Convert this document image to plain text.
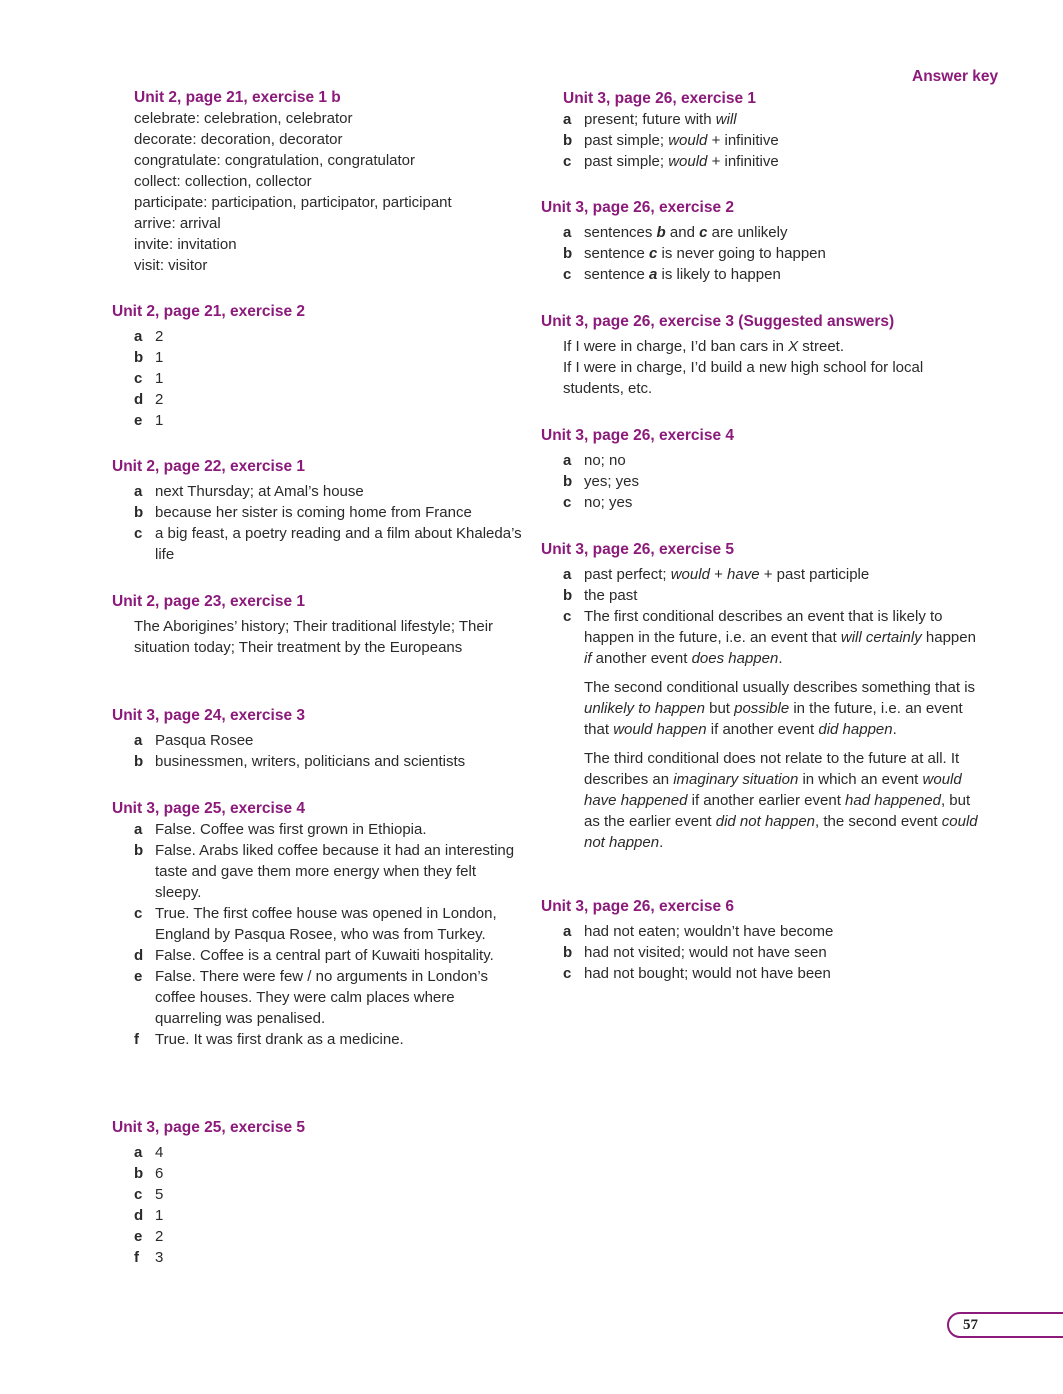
Answer key
57
Unit 2, page 21, exercise 1 b
celebrate: celebration, celebrator
decorate: decoration, decorator
congratulate: congratulation, congratulator
collect: collection, collector
participate: participation, participator, participant
arrive: arrival
invite: invitation
visit: visitor
Unit 2, page 21, exercise 2
a 2

b 1

c 1

d 2

e 1

Unit 2, page 22, exercise 1
a next Thursday; at Amal’s house

b because her sister is coming home from France

c a big feast, a poetry reading and a film about Khaleda’s life

Unit 2, page 23, exercise 1

The Aborigines’ history; Their traditional lifestyle; Their situation today; Their treatment by the Europeans

Unit 3, page 24, exercise 3
a Pasqua Rosee

b businessmen, writers, politicians and scientists

Unit 3, page 25, exercise 4
a False. Coffee was first grown in Ethiopia.

b False. Arabs liked coffee because it had an interesting taste and gave them more energy when they felt sleepy.

c True. The first coffee house was opened in London, England by Pasqua Rosee, who was from Turkey.

d False. Coffee is a central part of Kuwaiti hospitality.

e False. There were few / no arguments in London’s coffee houses. They were calm places where quarreling was penalised.

f	True. It was first drank as a medicine.

Unit 3, page 25, exercise 5
a 4

b 6

c 5

d 1

e 2

f	3

Unit 3, page 26, exercise 1
a present; future with will

b past simple; would + infinitive

c past simple; would + infinitive

Unit 3, page 26, exercise 2
a sentences b and c are unlikely

b sentence c is never going to happen

c sentence a is likely to happen

Unit 3, page 26, exercise 3 (Suggested answers)

If I were in charge, I’d ban cars in X street.

If I were in charge, I’d build a new high school for local students, etc.

Unit 3, page 26, exercise 4
a no; no

b yes; yes

c no; yes

Unit 3, page 26, exercise 5
a past perfect; would + have + past participle

b the past

c The first conditional describes an event that is likely to happen in the future, i.e. an event that will certainly happen if another event does happen.

The second conditional usually describes something that is unlikely to happen but possible in the future, i.e. an event that would happen if another event did happen.

The third conditional does not relate to the future at all. It describes an imaginary situation in which an event would have happened if another earlier event had happened, but as the earlier event did not happen, the second event could not happen.

Unit 3, page 26, exercise 6
a had not eaten; wouldn’t have become

b had not visited; would not have seen

c had not bought; would not have been
